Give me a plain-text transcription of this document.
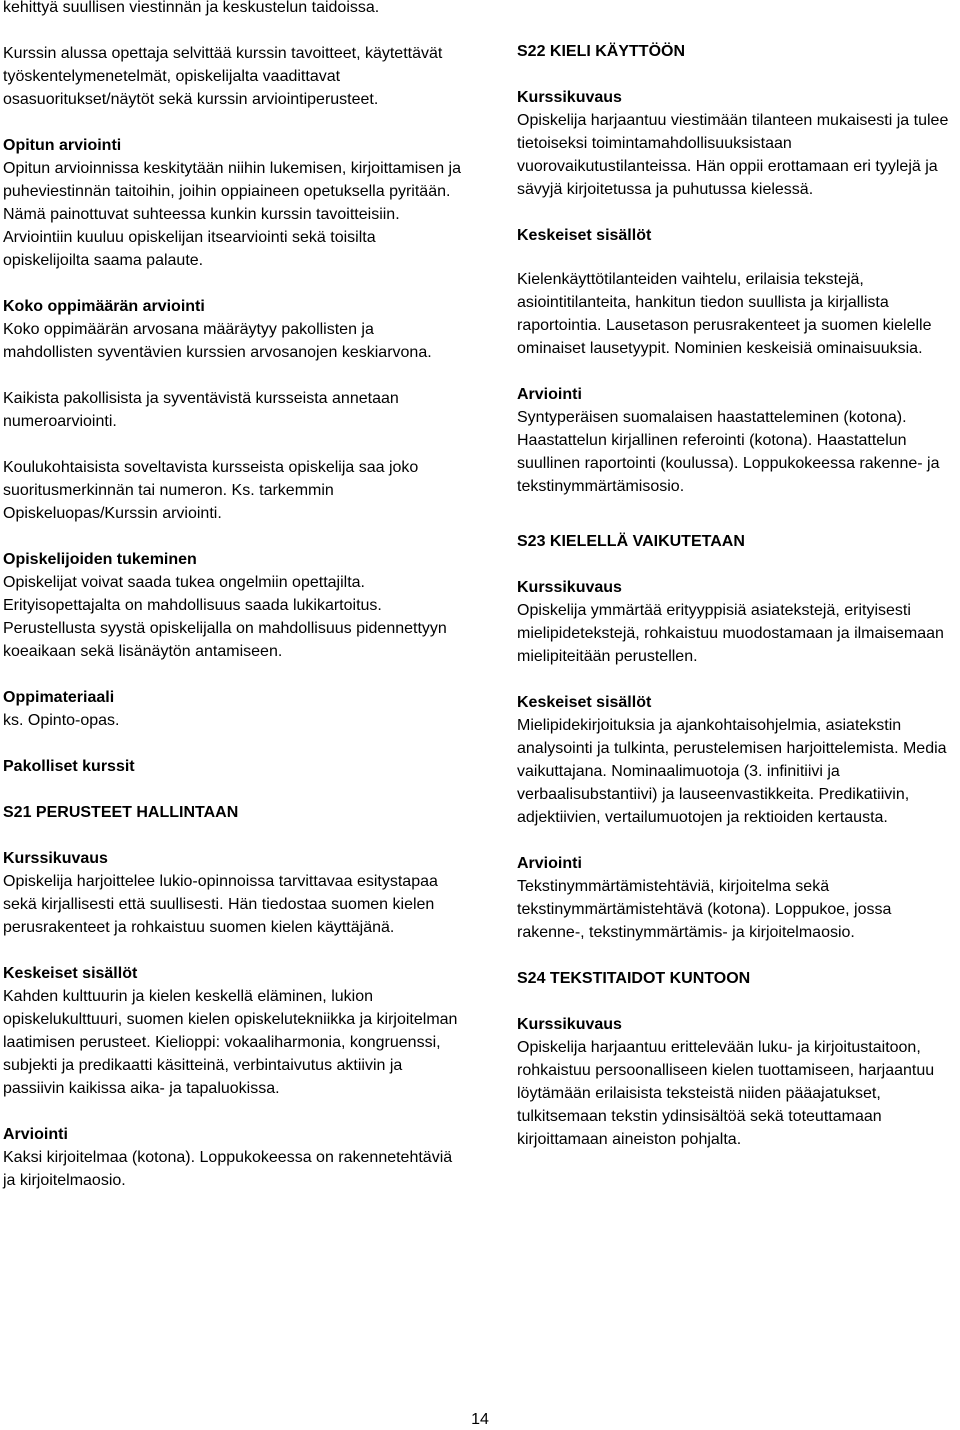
kehittyä suullisen viestinnän ja keskustelun taidoissa.

Kurssin alussa opettaja selvittää kurssin tavoitteet, käytettävät työskentelymenetelmät, opiskelijalta vaadittavat osasuoritukset/näytöt sekä kurssin arviointiperusteet.

Opitun arviointi

Opitun arvioinnissa keskitytään niihin lukemisen, kirjoittamisen ja puheviestinnän taitoihin, joihin oppiaineen opetuksella pyritään. Nämä painottuvat suhteessa kunkin kurssin tavoitteisiin. Arviointiin kuuluu opiskelijan itsearviointi sekä toisilta opiskelijoilta saama palaute.

Koko oppimäärän arviointi

Koko oppimäärän arvosana määräytyy pakollisten ja mahdollisten syventävien kurssien arvosanojen keskiarvona.

Kaikista pakollisista ja syventävistä kursseista annetaan numeroarviointi.

Koulukohtaisista soveltavista kursseista opiskelija saa joko suoritusmerkinnän tai numeron. Ks. tarkemmin Opiskeluopas/Kurssin arviointi.

Opiskelijoiden tukeminen

Opiskelijat voivat saada tukea ongelmiin opettajilta. Erityisopettajalta on mahdollisuus saada lukikartoitus. Perustellusta syystä opiskelijalla on mahdollisuus pidennettyyn koeaikaan sekä lisänäytön antamiseen.

Oppimateriaali

ks. Opinto-opas.

Pakolliset kurssit

S21 PERUSTEET HALLINTAAN

Kurssikuvaus

Opiskelija harjoittelee lukio-opinnoissa tarvittavaa esitystapaa sekä kirjallisesti että suullisesti. Hän tiedostaa suomen kielen perusrakenteet ja rohkaistuu suomen kielen käyttäjänä.

Keskeiset sisällöt

Kahden kulttuurin ja kielen keskellä eläminen, lukion opiskelukulttuuri, suomen kielen opiskelutekniikka ja kirjoitelman laatimisen perusteet. Kielioppi: vokaaliharmonia, kongruenssi, subjekti ja predikaatti käsitteinä, verbintaivutus aktiivin ja passiivin kaikissa aika- ja tapaluokissa.

Arviointi

Kaksi kirjoitelmaa (kotona). Loppukokeessa on rakennetehtäviä ja kirjoitelmaosio.

S22 KIELI KÄYTTÖÖN

Kurssikuvaus

Opiskelija harjaantuu viestimään tilanteen mukaisesti ja tulee tietoiseksi toimintamahdollisuuksistaan vuorovaikutustilanteissa. Hän oppii erottamaan eri tyylejä ja sävyjä kirjoitetussa ja puhutussa kielessä.

Keskeiset sisällöt

Kielenkäyttötilanteiden vaihtelu, erilaisia tekstejä, asiointitilanteita, hankitun tiedon suullista ja kirjallista raportointia. Lausetason perusrakenteet ja suomen kielelle ominaiset lausetyypit. Nominien keskeisiä ominaisuuksia.

Arviointi

Syntyperäisen suomalaisen haastatteleminen (kotona). Haastattelun kirjallinen referointi (kotona). Haastattelun suullinen raportointi (koulussa). Loppukokeessa rakenne- ja tekstinymmärtämisosio.

S23 KIELELLÄ VAIKUTETAAN

Kurssikuvaus

Opiskelija ymmärtää erityyppisiä asiatekstejä, erityisesti mielipidetekstejä, rohkaistuu muodostamaan ja ilmaisemaan mielipiteitään perustellen.

Keskeiset sisällöt

Mielipidekirjoituksia ja ajankohtaisohjelmia, asiatekstin analysointi ja tulkinta, perustelemisen harjoittelemista. Media vaikuttajana. Nominaalimuotoja (3. infinitiivi ja verbaalisubstantiivi) ja lauseenvastikkeita. Predikatiivin, adjektiivien, vertailumuotojen ja rektioiden kertausta.

Arviointi

Tekstinymmärtämistehtäviä, kirjoitelma sekä tekstinymmärtämistehtävä (kotona). Loppukoe, jossa rakenne-, tekstinymmärtämis- ja kirjoitelmaosio.

S24 TEKSTITAIDOT KUNTOON

Kurssikuvaus

Opiskelija harjaantuu erittelevään luku- ja kirjoitustaitoon, rohkaistuu persoonalliseen kielen tuottamiseen, harjaantuu löytämään erilaisista teksteistä niiden pääajatukset, tulkitsemaan tekstin ydinsisältöä sekä toteuttamaan kirjoittamaan aineiston pohjalta.

14
